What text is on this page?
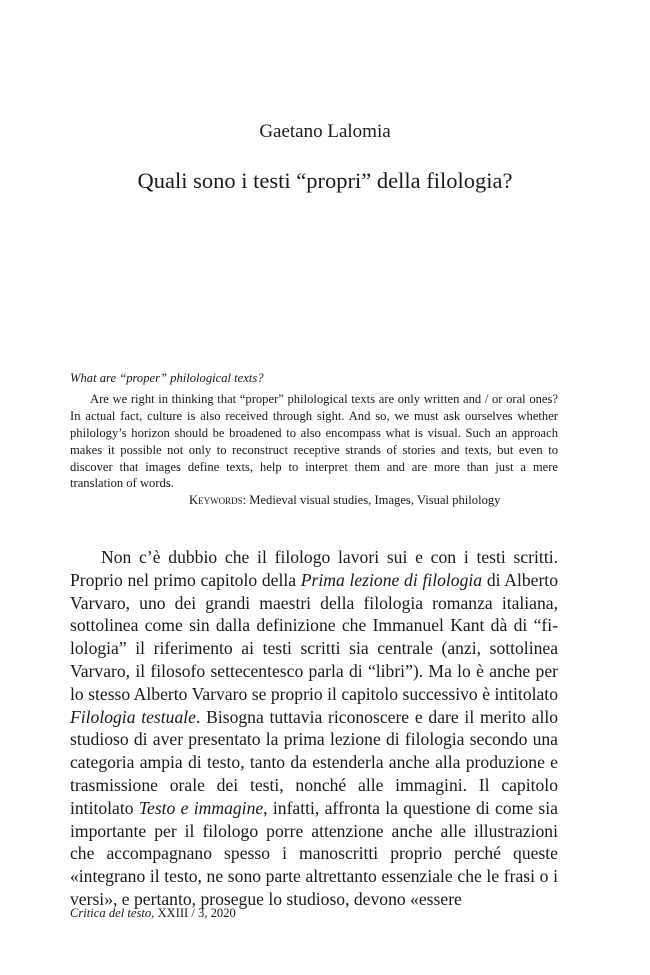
Gaetano Lalomia
Quali sono i testi “propri” della filologia?

What are “proper” philological texts?

Are we right in thinking that “proper” philological texts are only written and / or oral ones? In actual fact, culture is also received through sight. And so, we must ask ourselves whether philology’s horizon should be broadened to also encompass what is visual. Such an approach makes it possible not only to reconstruct receptive strands of stories and texts, but even to discover that images define texts, help to interpret them and are more than just a mere translation of words.

Keywords: Medieval visual studies, Images, Visual philology

Non c’è dubbio che il filologo lavori sui e con i testi scritti. Proprio nel primo capitolo della Prima lezione di filologia di Alberto Varvaro, uno dei grandi maestri della filologia romanza italiana, sottolinea come sin dalla definizione che Immanuel Kant dà di “filologia” il riferimento ai testi scritti sia centrale (anzi, sottolinea Varvaro, il filosofo settecentesco parla di “libri”). Ma lo è anche per lo stesso Alberto Varvaro se proprio il capitolo successivo è intitolato Filologia testuale. Bisogna tuttavia riconoscere e dare il merito allo studioso di aver presentato la prima lezione di filologia secondo una categoria ampia di testo, tanto da estenderla anche alla produzione e trasmissione orale dei testi, nonché alle immagini. Il capitolo intitolato Testo e immagine, infatti, affronta la questione di come sia importante per il filologo porre attenzione anche alle illustrazioni che accompagnano spesso i manoscritti proprio perché queste «integrano il testo, ne sono parte altrettanto essenziale che le frasi o i versi», e pertanto, prosegue lo studioso, devono «essere

Critica del testo, XXIII / 3, 2020
